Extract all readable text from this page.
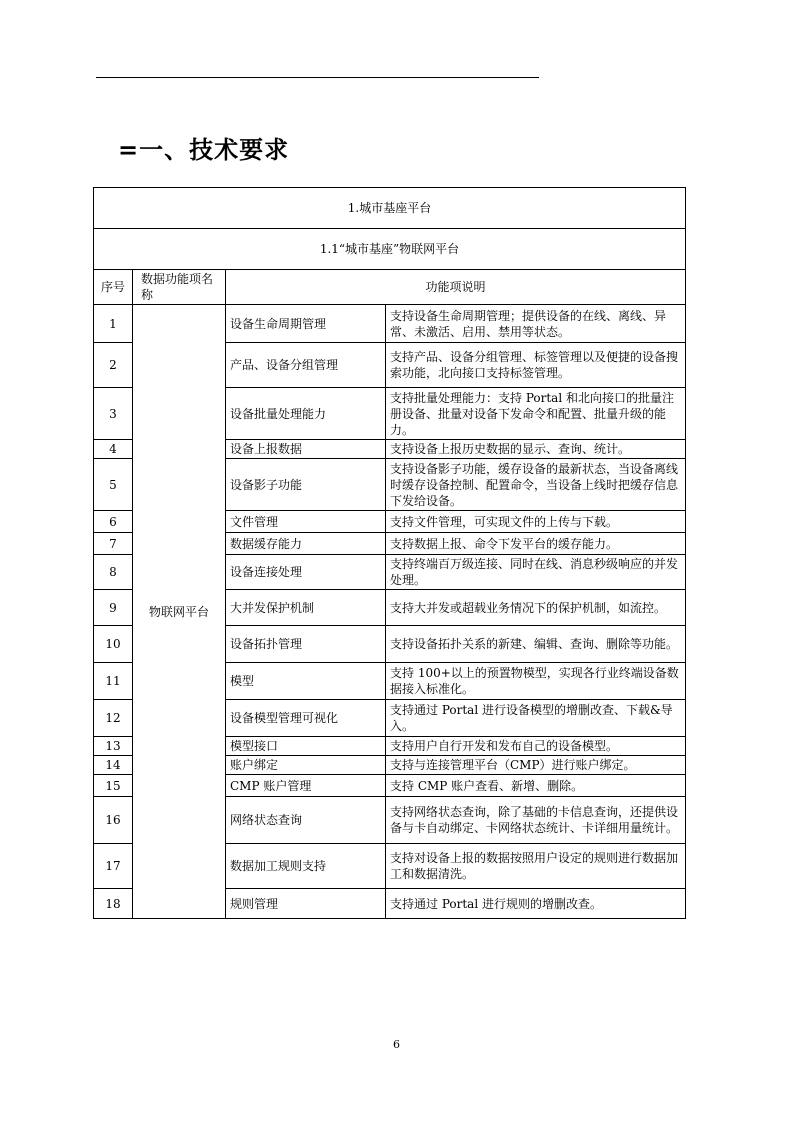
=一、技术要求
1.城市基座平台			
1.1“城市基座”物联网平台			
序号	数据功能项名称	功能项说明	
1	物联网平台	设备生命周期管理	支持设备生命周期管理；提供设备的在线、离线、异常、未激活、启用、禁用等状态。
2		产品、设备分组管理	支持产品、设备分组管理、标签管理以及便捷的设备搜索功能，北向接口支持标签管理。
3		设备批量处理能力	支持批量处理能力：支持 Portal 和北向接口的批量注册设备、批量对设备下发命令和配置、批量升级的能力。
4		设备上报数据	支持设备上报历史数据的显示、查询、统计。
5		设备影子功能	支持设备影子功能，缓存设备的最新状态，当设备离线时缓存设备控制、配置命令，当设备上线时把缓存信息下发给设备。
6		文件管理	支持文件管理，可实现文件的上传与下载。
7		数据缓存能力	支持数据上报、命令下发平台的缓存能力。
8		设备连接处理	支持终端百万级连接、同时在线、消息秒级响应的并发处理。
9		大并发保护机制	支持大并发或超载业务情况下的保护机制，如流控。
10		设备拓扑管理	支持设备拓扑关系的新建、编辑、查询、删除等功能。
11		模型	支持 100+以上的预置物模型，实现各行业终端设备数据接入标准化。
12		设备模型管理可视化	支持通过 Portal 进行设备模型的增删改查、下载&导入。
13		模型接口	支持用户自行开发和发布自己的设备模型。
14		账户绑定	支持与连接管理平台（CMP）进行账户绑定。
15		CMP 账户管理	支持 CMP 账户查看、新增、删除。
16		网络状态查询	支持网络状态查询，除了基础的卡信息查询，还提供设备与卡自动绑定、卡网络状态统计、卡详细用量统计。
17		数据加工规则支持	支持对设备上报的数据按照用户设定的规则进行数据加工和数据清洗。
18		规则管理	支持通过 Portal 进行规则的增删改查。
6
